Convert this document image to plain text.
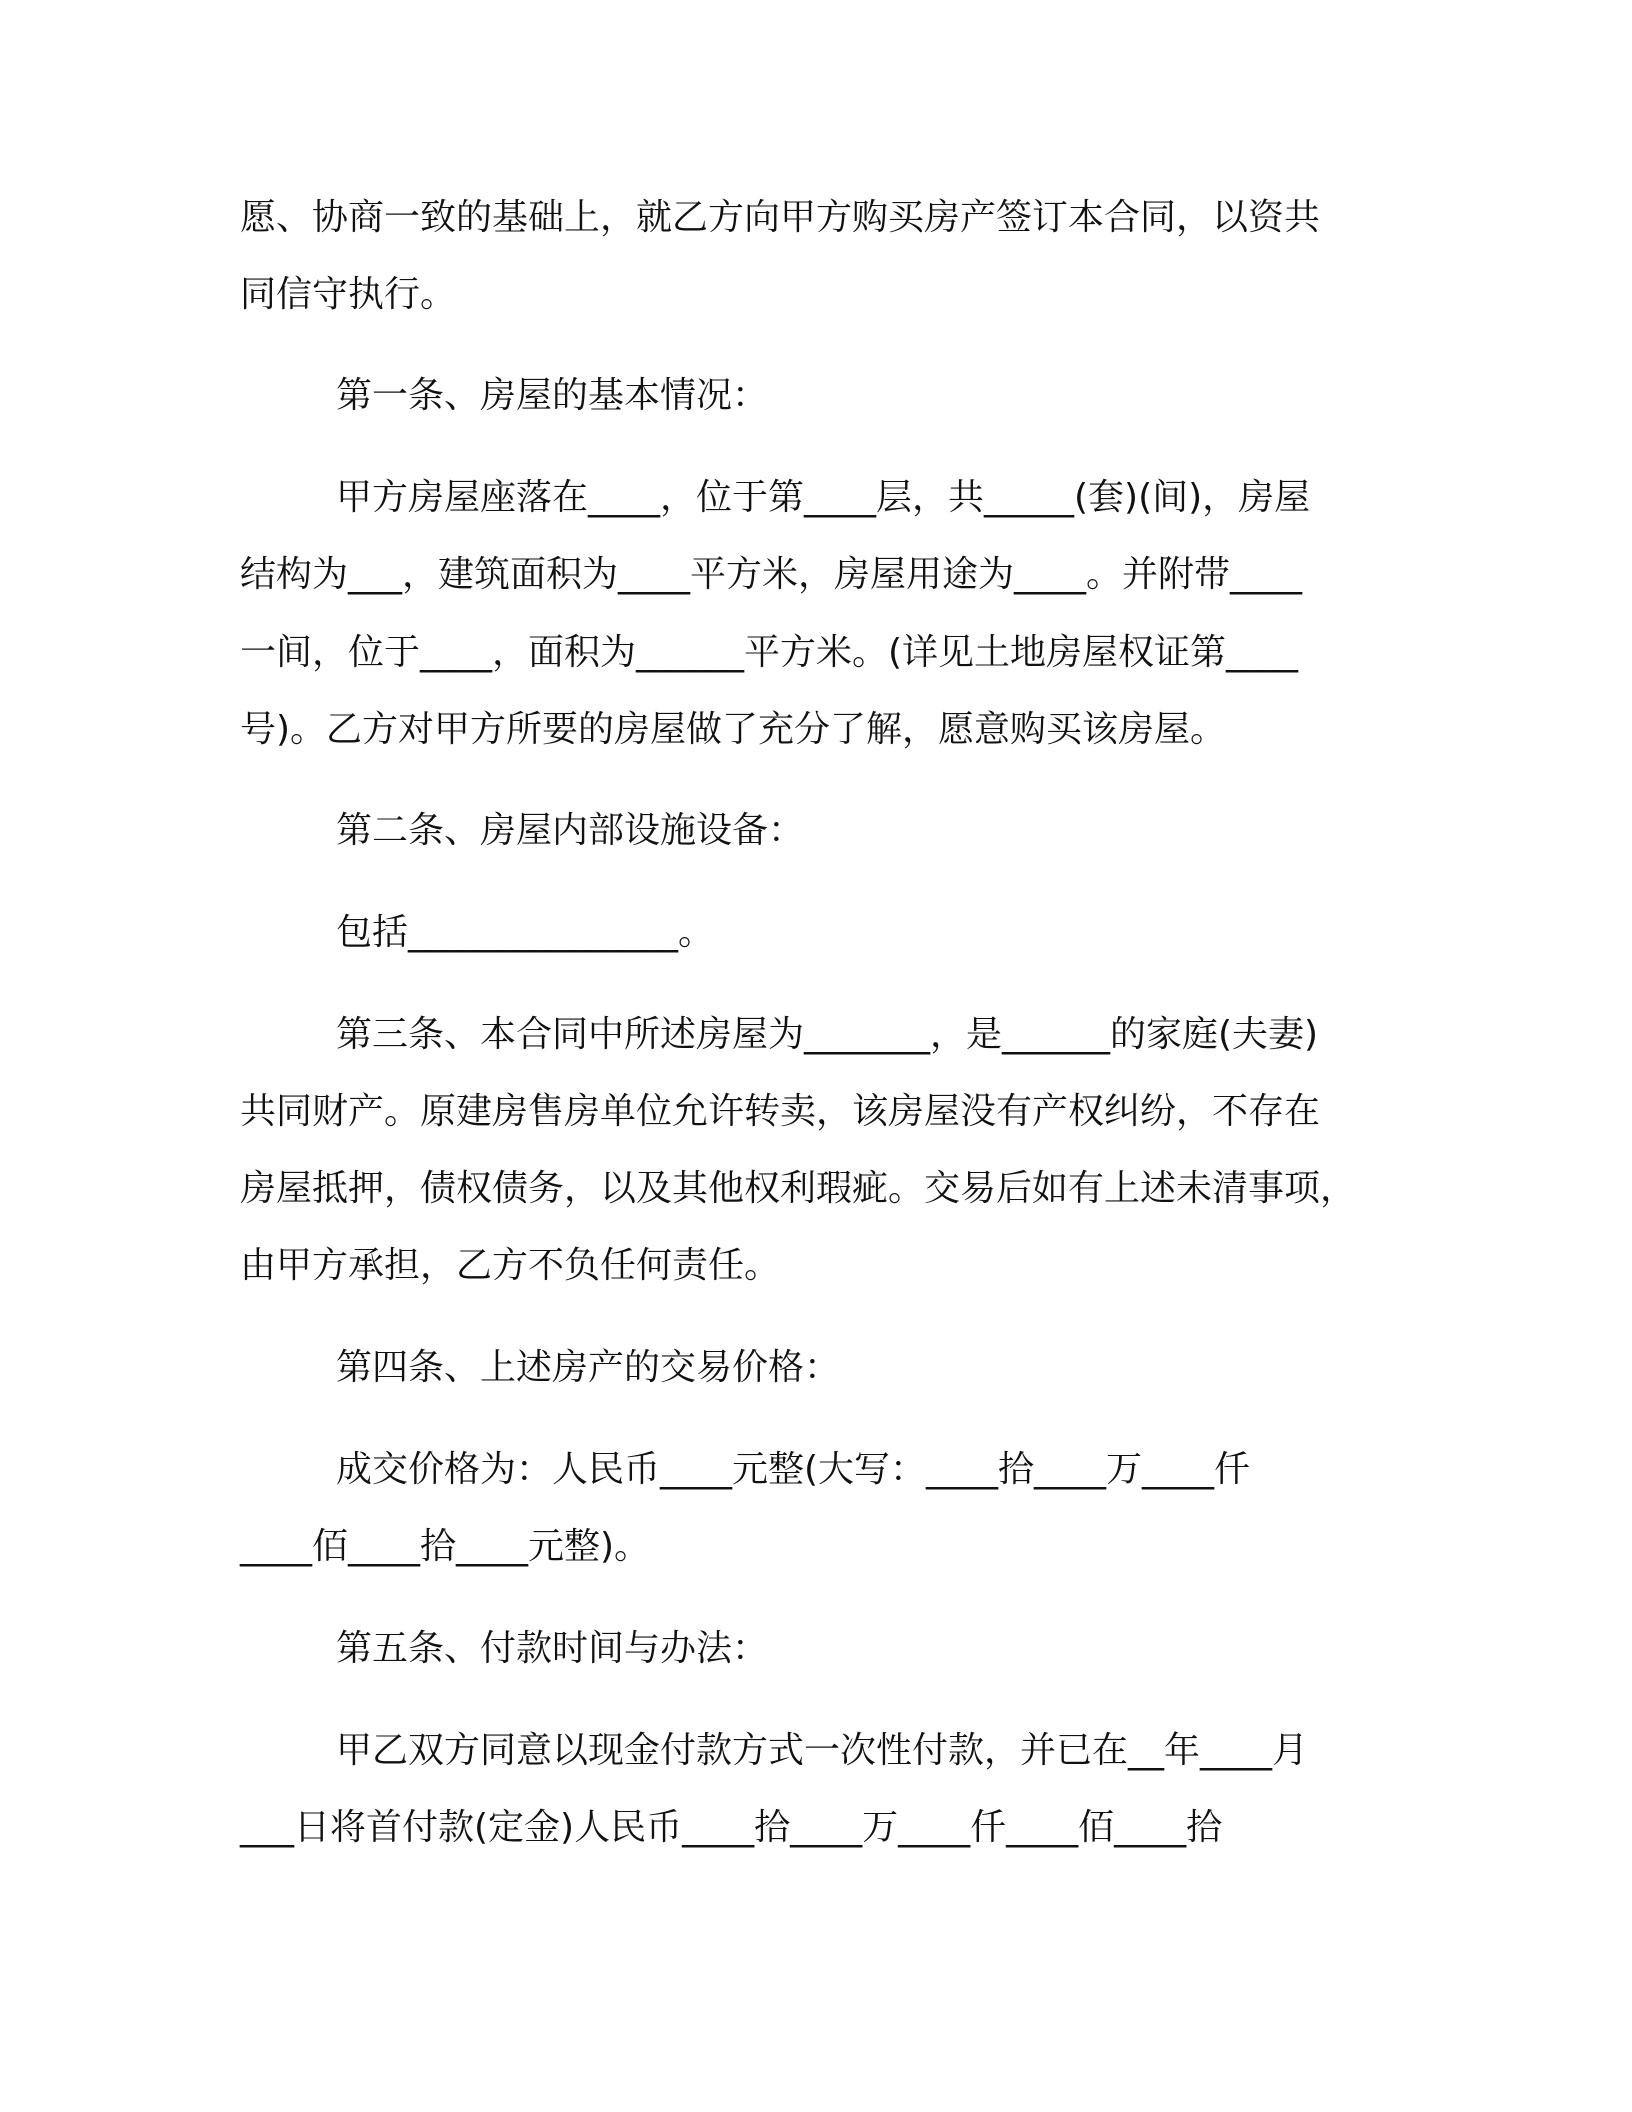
愿、协商一致的基础上，就乙方向甲方购买房产签订本合同，以资共

同信守执行。

第一条、房屋的基本情况：

甲方房屋座落在____，位于第____层，共_____(套)(间)，房屋

结构为___，建筑面积为____平方米，房屋用途为____。并附带____

一间，位于____，面积为______平方米。(详见土地房屋权证第____

号)。乙方对甲方所要的房屋做了充分了解，愿意购买该房屋。

第二条、房屋内部设施设备：

包括_______________。

第三条、本合同中所述房屋为_______，是______的家庭(夫妻)

共同财产。原建房售房单位允许转卖，该房屋没有产权纠纷，不存在

房屋抵押，债权债务，以及其他权利瑕疵。交易后如有上述未清事项，

由甲方承担，乙方不负任何责任。

第四条、上述房产的交易价格：

成交价格为：人民币____元整(大写：____拾____万____仟

____佰____拾____元整)。

第五条、付款时间与办法：

甲乙双方同意以现金付款方式一次性付款，并已在__年____月

___日将首付款(定金)人民币____拾____万____仟____佰____拾
